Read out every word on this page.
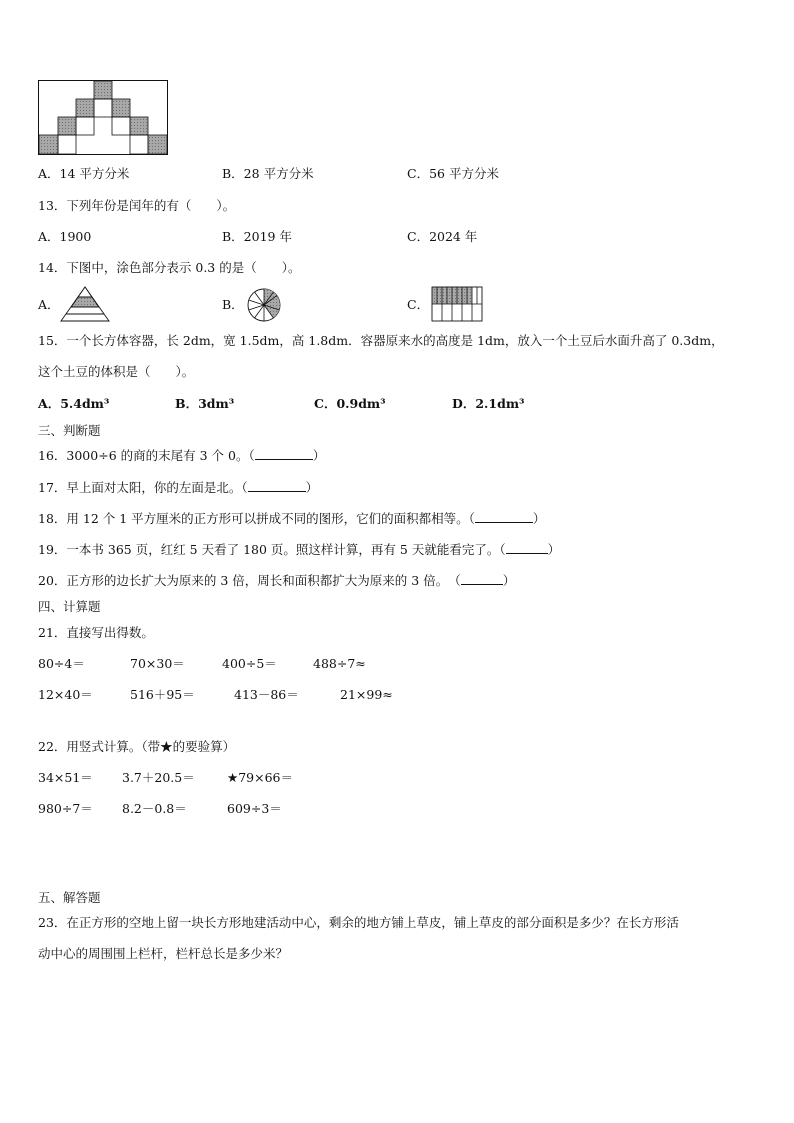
A．14 平方分米	B．28 平方分米	C．56 平方分米
13．下列年份是闰年的有（　　）。
A．1900	B．2019 年	C．2024 年
14．下图中，涂色部分表示 0.3 的是（　　）。
A．	B．	C．
15．一个长方体容器，长 2dm，宽 1.5dm，高 1.8dm．容器原来水的高度是 1dm，放入一个土豆后水面升高了 0.3dm，
这个土豆的体积是（　　）。
A．5.4dm³	B．3dm³	C．0.9dm³	D．2.1dm³
三、判断题
16．3000÷6 的商的末尾有 3 个 0。（	）
17．早上面对太阳，你的左面是北。（	）
18．用 12 个 1 平方厘米的正方形可以拼成不同的图形，它们的面积都相等。（	）
19．一本书 365 页，红红 5 天看了 180 页。照这样计算，再有 5 天就能看完了。（	）
20．正方形的边长扩大为原来的 3 倍，周长和面积都扩大为原来的 3 倍。　（	）
四、计算题
21．直接写出得数。
80÷4＝	70×30＝	400÷5＝	488÷7≈
12×40＝	516＋95＝	413－86＝	21×99≈
22．用竖式计算。（带★的要验算）
34×51＝ 3.7＋20.5＝	★79×66＝
980÷7＝ 8.2－0.8＝	609÷3＝
五、解答题
23．在正方形的空地上留一块长方形地建活动中心，剩余的地方铺上草皮，铺上草皮的部分面积是多少？在长方形活
动中心的周围围上栏杆，栏杆总长是多少米？
